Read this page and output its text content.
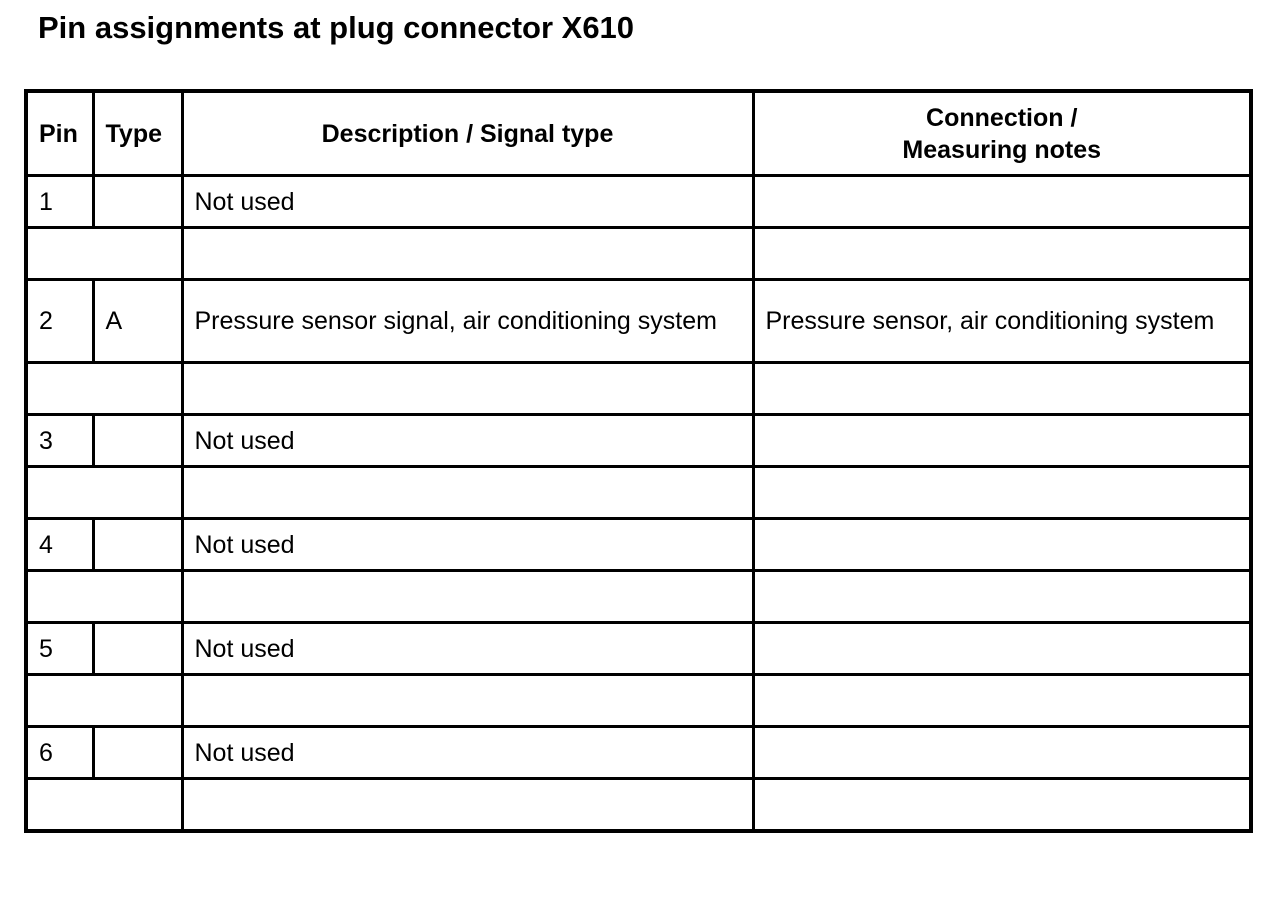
Pin assignments at plug connector X610
Pin	Type	Description / Signal type	Connection /
Measuring notes
1		Not used	

2	A	Pressure sensor signal, air conditioning system	Pressure sensor, air conditioning system

3		Not used	

4		Not used	

5		Not used	

6		Not used	
